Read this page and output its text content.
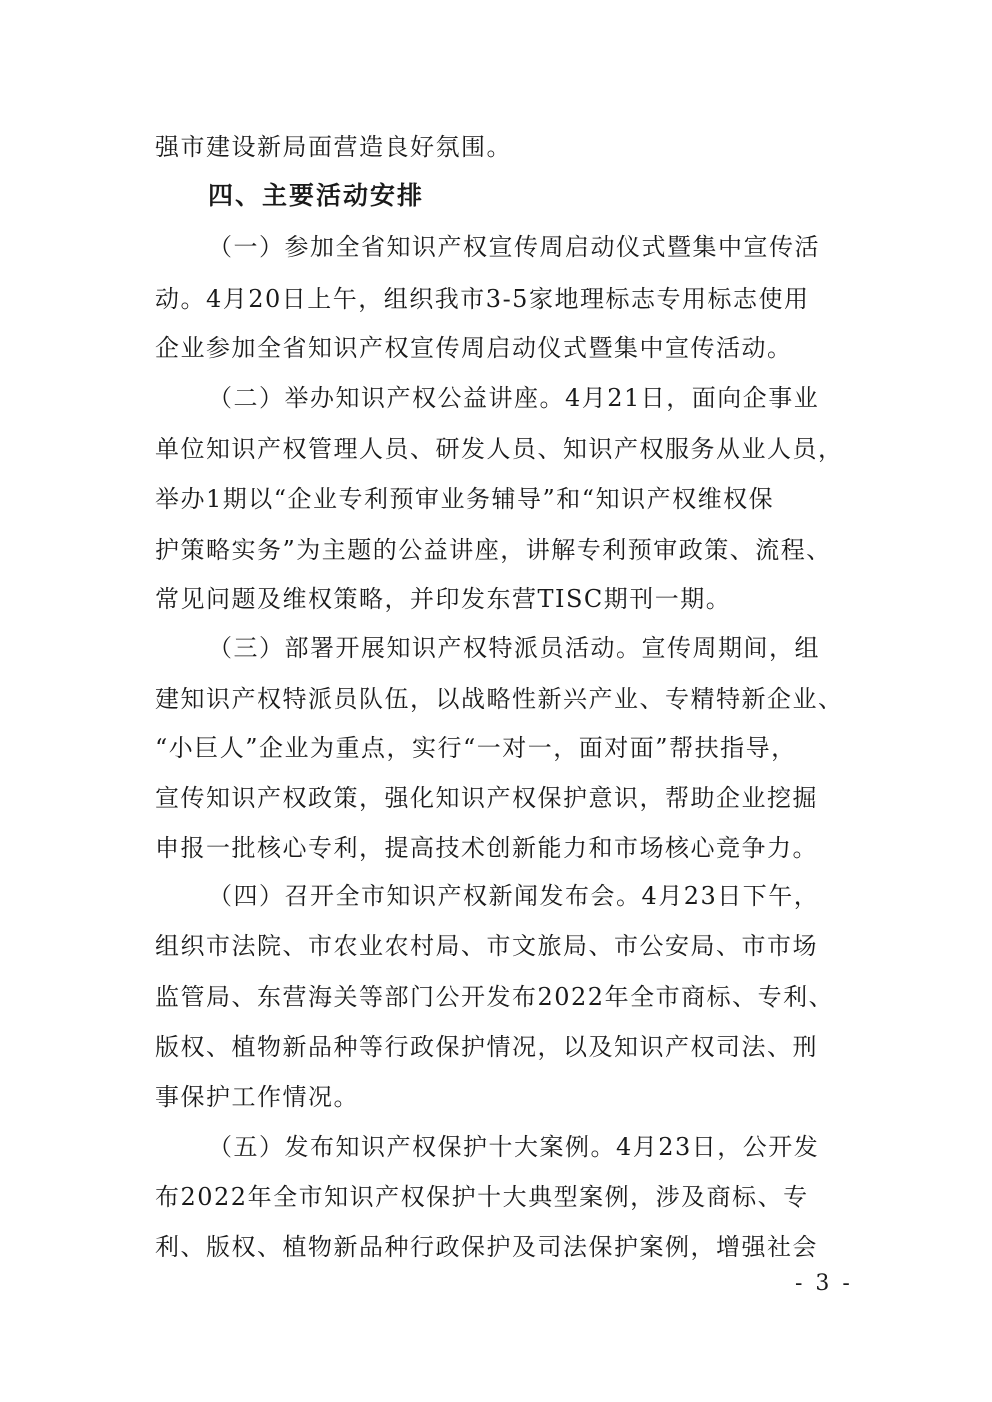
强市建设新局面营造良好氛围。
四、主要活动安排
（一）参加全省知识产权宣传周启动仪式暨集中宣传活
动。4月20日上午，组织我市3-5家地理标志专用标志使用
企业参加全省知识产权宣传周启动仪式暨集中宣传活动。
（二）举办知识产权公益讲座。4月21日，面向企事业
单位知识产权管理人员、研发人员、知识产权服务从业人员，
举办1期以“企业专利预审业务辅导”和“知识产权维权保
护策略实务”为主题的公益讲座，讲解专利预审政策、流程、
常见问题及维权策略，并印发东营TISC期刊一期。
（三）部署开展知识产权特派员活动。宣传周期间，组
建知识产权特派员队伍，以战略性新兴产业、专精特新企业、
“小巨人”企业为重点，实行“一对一，面对面”帮扶指导，
宣传知识产权政策，强化知识产权保护意识，帮助企业挖掘
申报一批核心专利，提高技术创新能力和市场核心竞争力。
（四）召开全市知识产权新闻发布会。4月23日下午，
组织市法院、市农业农村局、市文旅局、市公安局、市市场
监管局、东营海关等部门公开发布2022年全市商标、专利、
版权、植物新品种等行政保护情况，以及知识产权司法、刑
事保护工作情况。
（五）发布知识产权保护十大案例。4月23日，公开发
布2022年全市知识产权保护十大典型案例，涉及商标、专
利、版权、植物新品种行政保护及司法保护案例，增强社会
- 3 -
